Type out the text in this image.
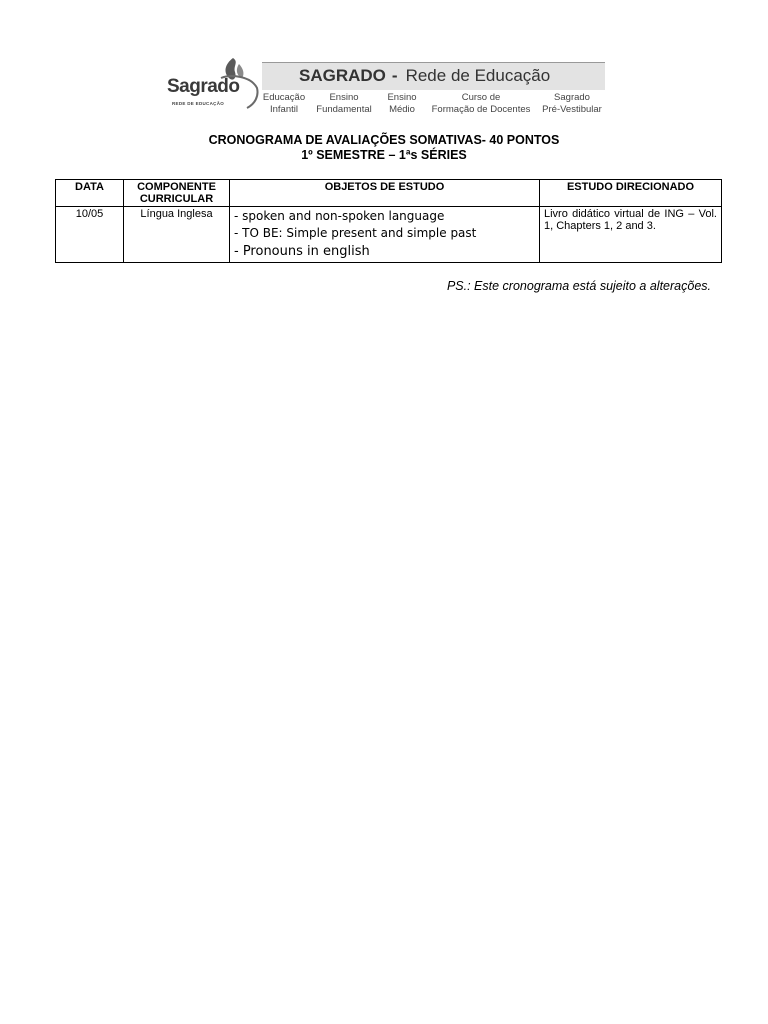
Sagrado
REDE DE EDUCAÇÃO
SAGRADO - Rede de Educação
Educação
Infantil
Ensino
Fundamental
Ensino
Médio
Curso de
Formação de Docentes
Sagrado
Pré-Vestibular
CRONOGRAMA DE AVALIAÇÕES SOMATIVAS- 40 PONTOS
1º SEMESTRE – 1ªs SÉRIES
DATA	COMPONENTE CURRICULAR	OBJETOS DE ESTUDO	ESTUDO DIRECIONADO
10/05	Língua Inglesa	- spoken and non-spoken language
- TO BE: Simple present and simple past
- Pronouns in english	Livro didático virtual de ING – Vol. 1, Chapters 1, 2 and 3.
PS.: Este cronograma está sujeito a alterações.
